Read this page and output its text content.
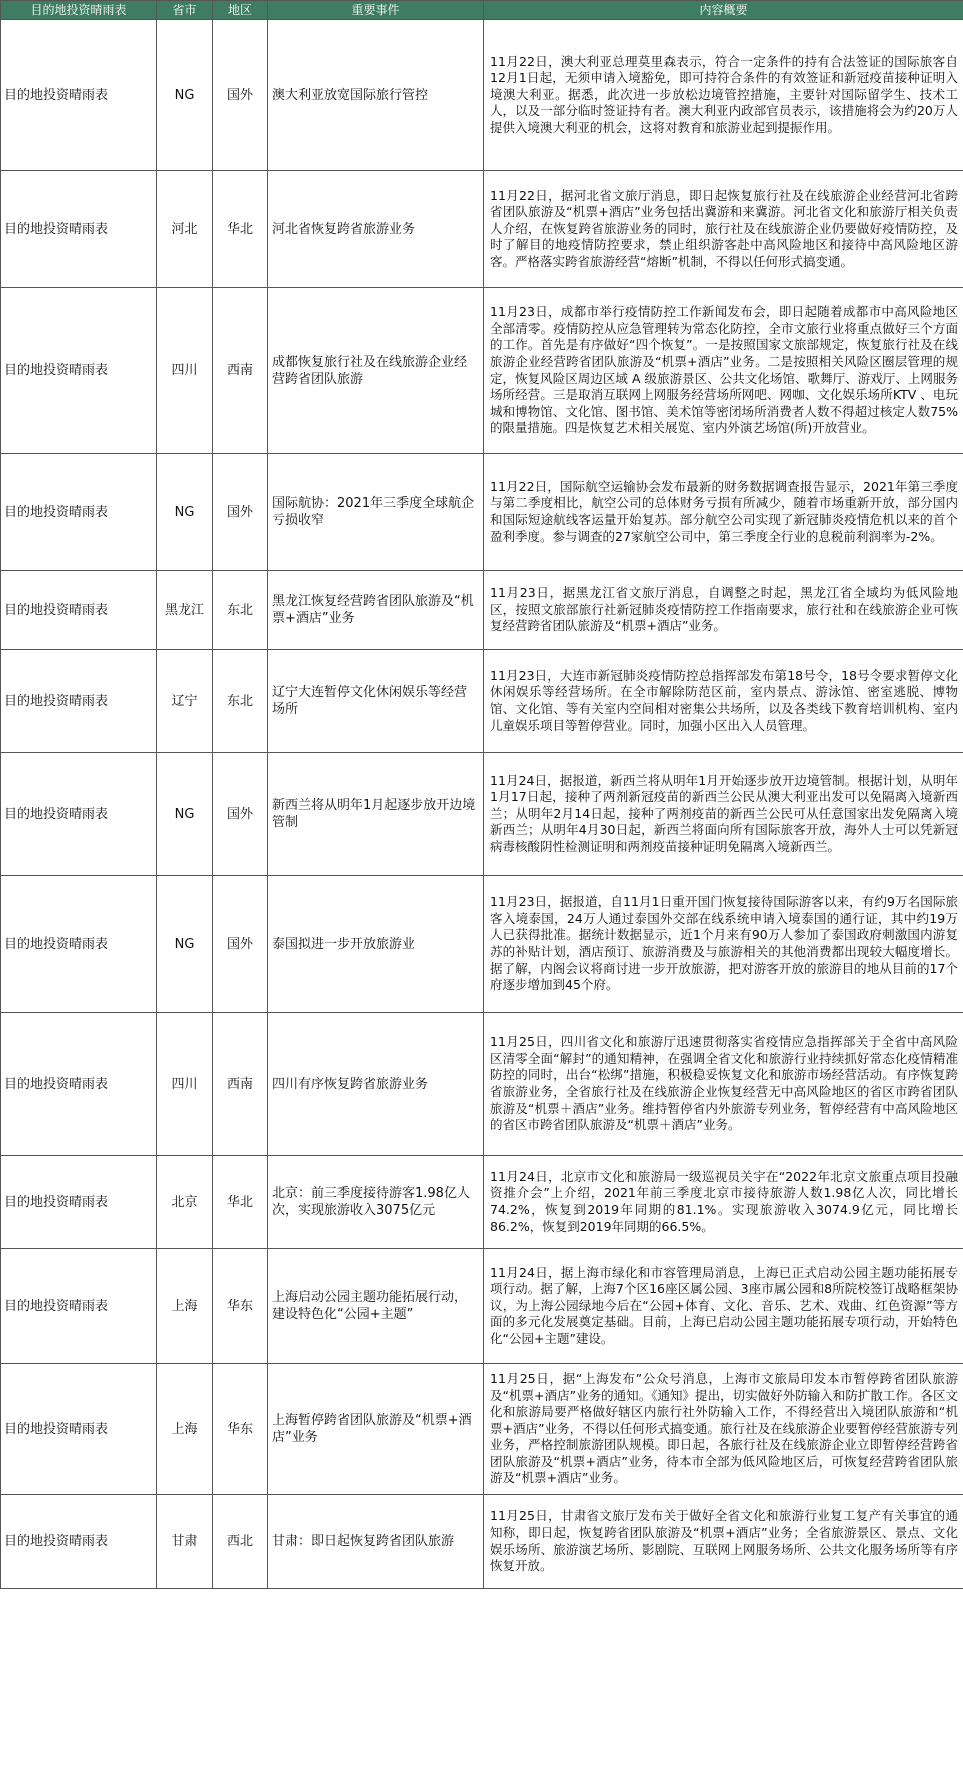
目的地投资晴雨表	省市	地区	重要事件	内容概要
目的地投资晴雨表	NG	国外	澳大利亚放宽国际旅行管控	11月22日，澳大利亚总理莫里森表示，符合一定条件的持有合法签证的国际旅客自12月1日起，无须申请入境豁免，即可持符合条件的有效签证和新冠疫苗接种证明入境澳大利亚。据悉，此次进一步放松边境管控措施，主要针对国际留学生、技术工人，以及一部分临时签证持有者。澳大利亚内政部官员表示，该措施将会为约20万人提供入境澳大利亚的机会，这将对教育和旅游业起到提振作用。
目的地投资晴雨表	河北	华北	河北省恢复跨省旅游业务	11月22日，据河北省文旅厅消息，即日起恢复旅行社及在线旅游企业经营河北省跨省团队旅游及“机票+酒店”业务包括出冀游和来冀游。河北省文化和旅游厅相关负责人介绍，在恢复跨省旅游业务的同时，旅行社及在线旅游企业仍要做好疫情防控，及时了解目的地疫情防控要求，禁止组织游客赴中高风险地区和接待中高风险地区游客。严格落实跨省旅游经营“熔断”机制，不得以任何形式搞变通。
目的地投资晴雨表	四川	西南	成都恢复旅行社及在线旅游企业经营跨省团队旅游	11月23日，成都市举行疫情防控工作新闻发布会，即日起随着成都市中高风险地区全部清零。疫情防控从应急管理转为常态化防控，全市文旅行业将重点做好三个方面的工作。首先是有序做好“四个恢复”。一是按照国家文旅部规定，恢复旅行社及在线旅游企业经营跨省团队旅游及“机票+酒店”业务。二是按照相关风险区圈层管理的规定，恢复风险区周边区域 A 级旅游景区、公共文化场馆、歌舞厅、游戏厅、上网服务场所经营。三是取消互联网上网服务经营场所网吧、网咖、文化娱乐场所KTV 、电玩城和博物馆、文化馆、图书馆、美术馆等密闭场所消费者人数不得超过核定人数75%的限量措施。四是恢复艺术相关展览、室内外演艺场馆(所)开放营业。
目的地投资晴雨表	NG	国外	国际航协：2021年三季度全球航企亏损收窄	11月22日，国际航空运输协会发布最新的财务数据调查报告显示，2021年第三季度与第二季度相比，航空公司的总体财务亏损有所减少，随着市场重新开放，部分国内和国际短途航线客运量开始复苏。部分航空公司实现了新冠肺炎疫情危机以来的首个盈利季度。参与调查的27家航空公司中，第三季度全行业的息税前利润率为-2%。
目的地投资晴雨表	黑龙江	东北	黑龙江恢复经营跨省团队旅游及“机票+酒店”业务	11月23日，据黑龙江省文旅厅消息，自调整之时起，黑龙江省全域均为低风险地区，按照文旅部旅行社新冠肺炎疫情防控工作指南要求，旅行社和在线旅游企业可恢复经营跨省团队旅游及“机票+酒店”业务。
目的地投资晴雨表	辽宁	东北	辽宁大连暂停文化休闲娱乐等经营场所	11月23日，大连市新冠肺炎疫情防控总指挥部发布第18号令，18号令要求暂停文化休闲娱乐等经营场所。在全市解除防范区前，室内景点、游泳馆、密室逃脱、博物馆、文化馆、等有关室内空间相对密集公共场所，以及各类线下教育培训机构、室内儿童娱乐项目等暂停营业。同时，加强小区出入人员管理。
目的地投资晴雨表	NG	国外	新西兰将从明年1月起逐步放开边境管制	11月24日，据报道，新西兰将从明年1月开始逐步放开边境管制。根据计划，从明年1月17日起，接种了两剂新冠疫苗的新西兰公民从澳大利亚出发可以免隔离入境新西兰；从明年2月14日起，接种了两剂疫苗的新西兰公民可从任意国家出发免隔离入境新西兰；从明年4月30日起，新西兰将面向所有国际旅客开放，海外人士可以凭新冠病毒核酸阴性检测证明和两剂疫苗接种证明免隔离入境新西兰。
目的地投资晴雨表	NG	国外	泰国拟进一步开放旅游业	11月23日，据报道，自11月1日重开国门恢复接待国际游客以来，有约9万名国际旅客入境泰国，24万人通过泰国外交部在线系统申请入境泰国的通行证，其中约19万人已获得批准。据统计数据显示，近1个月来有90万人参加了泰国政府刺激国内游复苏的补贴计划，酒店预订、旅游消费及与旅游相关的其他消费都出现较大幅度增长。据了解，内阁会议将商讨进一步开放旅游，把对游客开放的旅游目的地从目前的17个府逐步增加到45个府。
目的地投资晴雨表	四川	西南	四川有序恢复跨省旅游业务	11月25日，四川省文化和旅游厅迅速贯彻落实省疫情应急指挥部关于全省中高风险区清零全面“解封”的通知精神，在强调全省文化和旅游行业持续抓好常态化疫情精准防控的同时，出台“松绑”措施，积极稳妥恢复文化和旅游市场经营活动。有序恢复跨省旅游业务，全省旅行社及在线旅游企业恢复经营无中高风险地区的省区市跨省团队旅游及“机票＋酒店”业务。维持暂停省内外旅游专列业务，暂停经营有中高风险地区的省区市跨省团队旅游及“机票＋酒店”业务。
目的地投资晴雨表	北京	华北	北京：前三季度接待游客1.98亿人次，实现旅游收入3075亿元	11月24日，北京市文化和旅游局一级巡视员关宇在“2022年北京文旅重点项目投融资推介会”上介绍，2021年前三季度北京市接待旅游人数1.98亿人次，同比增长74.2%，恢复到2019年同期的81.1%。实现旅游收入3074.9亿元，同比增长86.2%，恢复到2019年同期的66.5%。
目的地投资晴雨表	上海	华东	上海启动公园主题功能拓展行动，建设特色化“公园+主题”	11月24日，据上海市绿化和市容管理局消息，上海已正式启动公园主题功能拓展专项行动。据了解，上海7个区16座区属公园、3座市属公园和8所院校签订战略框架协议，为上海公园绿地今后在“公园+体育、文化、音乐、艺术、戏曲、红色资源”等方面的多元化发展奠定基础。目前，上海已启动公园主题功能拓展专项行动，开始特色化“公园+主题”建设。
目的地投资晴雨表	上海	华东	上海暂停跨省团队旅游及“机票+酒店”业务	11月25日，据“上海发布”公众号消息，上海市文旅局印发本市暂停跨省团队旅游及“机票+酒店”业务的通知。《通知》提出，切实做好外防输入和防扩散工作。各区文化和旅游局要严格做好辖区内旅行社外防输入工作，不得经营出入境团队旅游和“机票+酒店”业务，不得以任何形式搞变通。旅行社及在线旅游企业要暂停经营旅游专列业务，严格控制旅游团队规模。即日起，各旅行社及在线旅游企业立即暂停经营跨省团队旅游及“机票+酒店”业务，待本市全部为低风险地区后，可恢复经营跨省团队旅游及“机票+酒店”业务。
目的地投资晴雨表	甘肃	西北	甘肃：即日起恢复跨省团队旅游	11月25日，甘肃省文旅厅发布关于做好全省文化和旅游行业复工复产有关事宜的通知称，即日起，恢复跨省团队旅游及“机票+酒店”业务；全省旅游景区、景点、文化娱乐场所、旅游演艺场所、影剧院、互联网上网服务场所、公共文化服务场所等有序恢复开放。
